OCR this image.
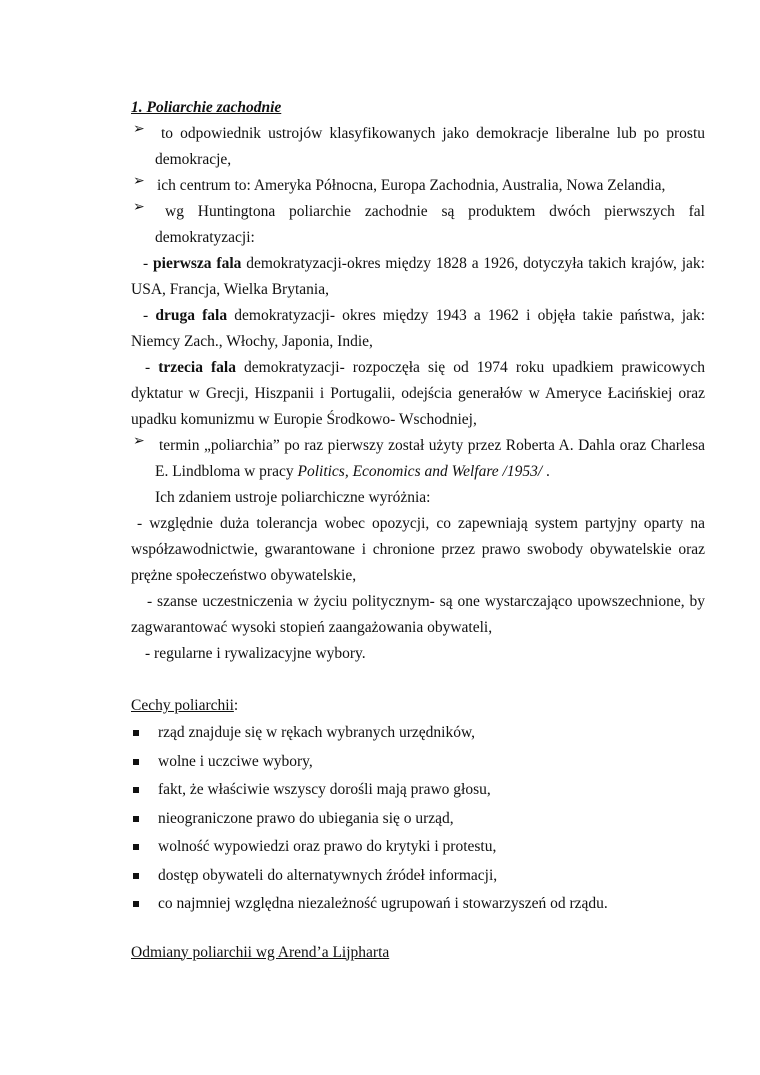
1. Poliarchie zachodnie
➢	to odpowiednik ustrojów klasyfikowanych jako demokracje liberalne lub po prostu
demokracje,
➢ ich centrum to: Ameryka Północna, Europa Zachodnia, Australia, Nowa Zelandia,
➢	wg Huntingtona poliarchie zachodnie są produktem dwóch pierwszych fal
demokratyzacji:
- pierwsza fala demokratyzacji-okres między 1828 a 1926, dotyczyła takich krajów, jak:
USA, Francja, Wielka Brytania,
- druga fala demokratyzacji- okres między 1943 a 1962 i objęła takie państwa, jak:
Niemcy Zach., Włochy, Japonia, Indie,
- trzecia fala demokratyzacji- rozpoczęła się od 1974 roku upadkiem prawicowych
dyktatur w Grecji, Hiszpanii i Portugalii, odejścia generałów w Ameryce Łacińskiej oraz
upadku komunizmu w Europie Środkowo- Wschodniej,
➢ termin „poliarchia” po raz pierwszy został użyty przez Roberta A. Dahla oraz Charlesa
E. Lindbloma w pracy Politics, Economics and Welfare /1953/ .
Ich zdaniem ustroje poliarchiczne wyróżnia:
- względnie duża tolerancja wobec opozycji, co zapewniają system partyjny oparty na
współzawodnictwie, gwarantowane i chronione przez prawo swobody obywatelskie oraz
prężne społeczeństwo obywatelskie,
- szanse uczestniczenia w życiu politycznym- są one wystarczająco upowszechnione, by
zagwarantować wysoki stopień zaangażowania obywateli,
- regularne i rywalizacyjne wybory.
Cechy poliarchii:
rząd znajduje się w rękach wybranych urzędników,
wolne i uczciwe wybory,
fakt, że właściwie wszyscy dorośli mają prawo głosu,
nieograniczone prawo do ubiegania się o urząd,
wolność wypowiedzi oraz prawo do krytyki i protestu,
dostęp obywateli do alternatywnych źródeł informacji,
co najmniej względna niezależność ugrupowań i stowarzyszeń od rządu.
Odmiany poliarchii wg Arend’a Lijpharta
